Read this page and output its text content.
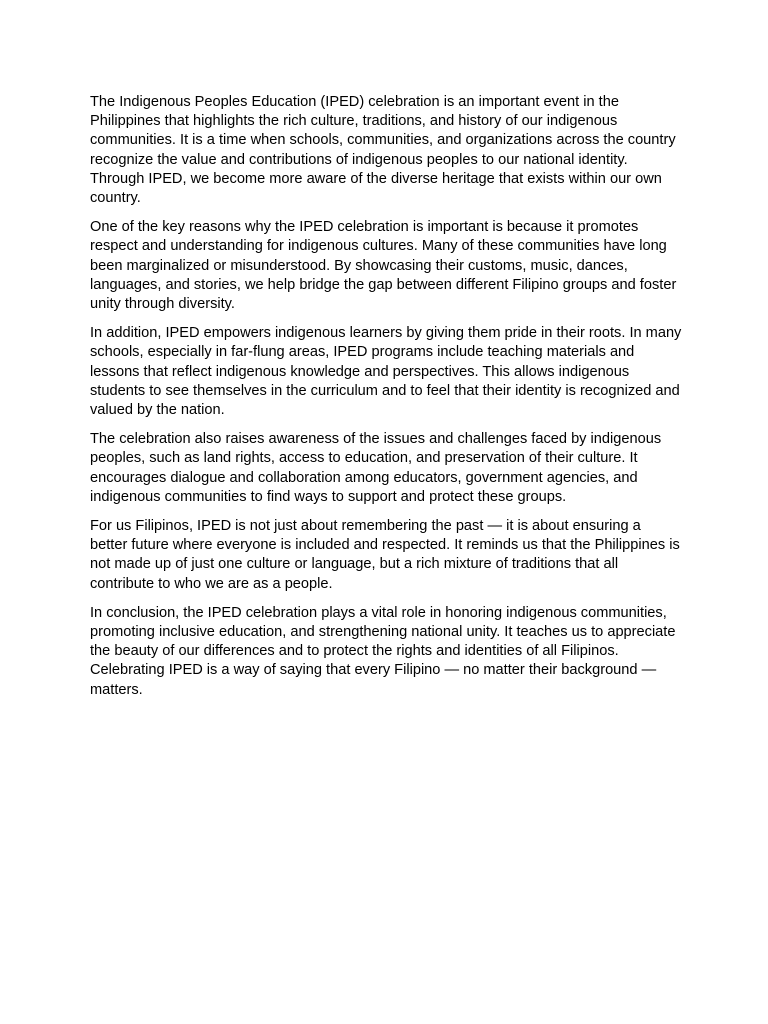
The Indigenous Peoples Education (IPED) celebration is an important event in the Philippines that highlights the rich culture, traditions, and history of our indigenous communities. It is a time when schools, communities, and organizations across the country recognize the value and contributions of indigenous peoples to our national identity. Through IPED, we become more aware of the diverse heritage that exists within our own country.

One of the key reasons why the IPED celebration is important is because it promotes respect and understanding for indigenous cultures. Many of these communities have long been marginalized or misunderstood. By showcasing their customs, music, dances, languages, and stories, we help bridge the gap between different Filipino groups and foster unity through diversity.

In addition, IPED empowers indigenous learners by giving them pride in their roots. In many schools, especially in far-flung areas, IPED programs include teaching materials and lessons that reflect indigenous knowledge and perspectives. This allows indigenous students to see themselves in the curriculum and to feel that their identity is recognized and valued by the nation.

The celebration also raises awareness of the issues and challenges faced by indigenous peoples, such as land rights, access to education, and preservation of their culture. It encourages dialogue and collaboration among educators, government agencies, and indigenous communities to find ways to support and protect these groups.

For us Filipinos, IPED is not just about remembering the past — it is about ensuring a better future where everyone is included and respected. It reminds us that the Philippines is not made up of just one culture or language, but a rich mixture of traditions that all contribute to who we are as a people.

In conclusion, the IPED celebration plays a vital role in honoring indigenous communities, promoting inclusive education, and strengthening national unity. It teaches us to appreciate the beauty of our differences and to protect the rights and identities of all Filipinos. Celebrating IPED is a way of saying that every Filipino — no matter their background — matters.
